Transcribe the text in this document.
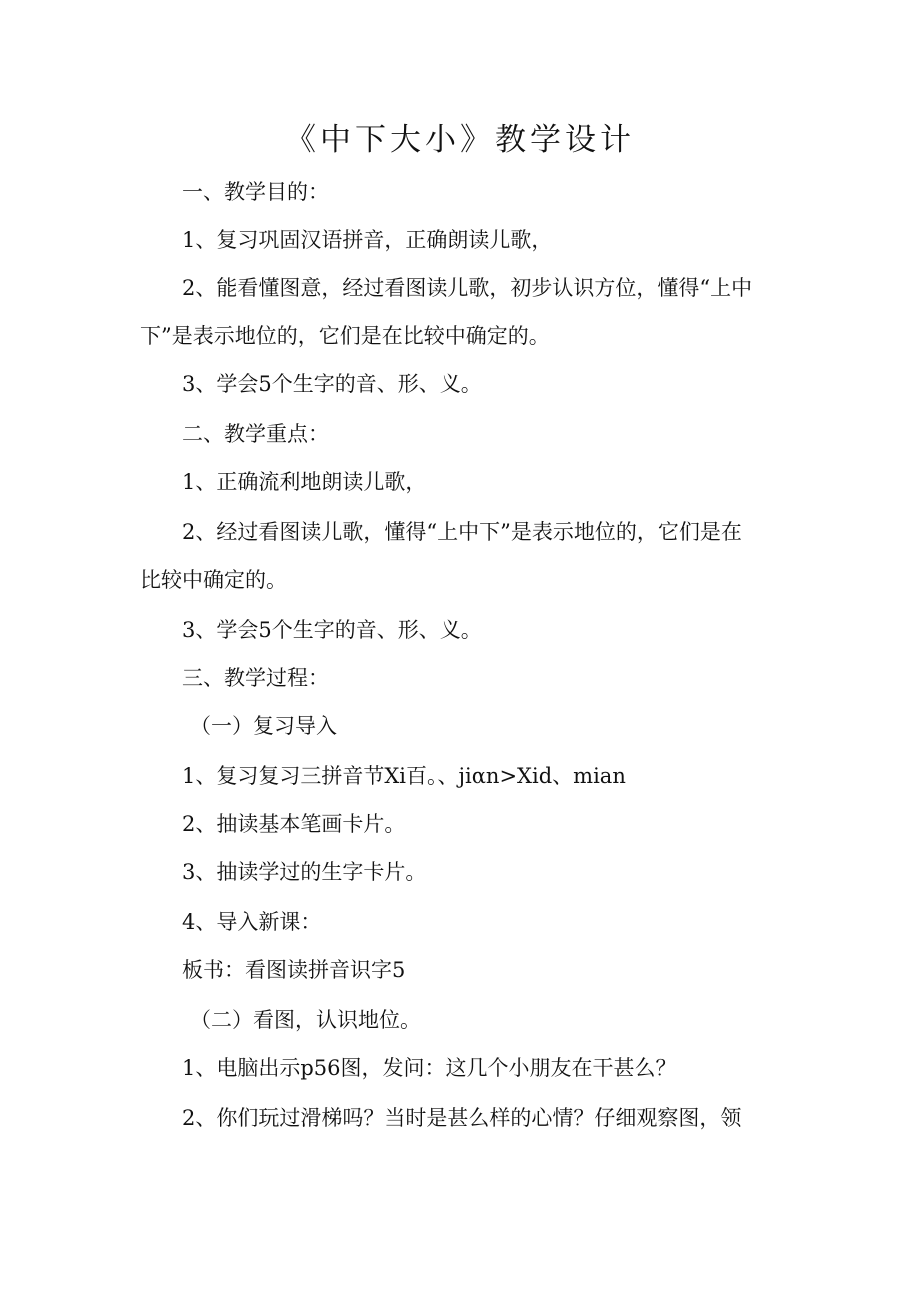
《中下大小》教学设计
一、教学目的：
1、复习巩固汉语拼音，正确朗读儿歌，
2、能看懂图意，经过看图读儿歌，初步认识方位，懂得“上中
下”是表示地位的，它们是在比较中确定的。
3、学会5个生字的音、形、义。
二、教学重点：
1、正确流利地朗读儿歌，
2、经过看图读儿歌，懂得“上中下”是表示地位的，它们是在
比较中确定的。
3、学会5个生字的音、形、义。
三、教学过程：
（一）复习导入
1、复习复习三拼音节Xi百。、jiαn>Xid、mian
2、抽读基本笔画卡片。
3、抽读学过的生字卡片。
4、导入新课：
板书：看图读拼音识字5
（二）看图，认识地位。
1、电脑出示p56图，发问：这几个小朋友在干甚么？
2、你们玩过滑梯吗？当时是甚么样的心情？仔细观察图，领
